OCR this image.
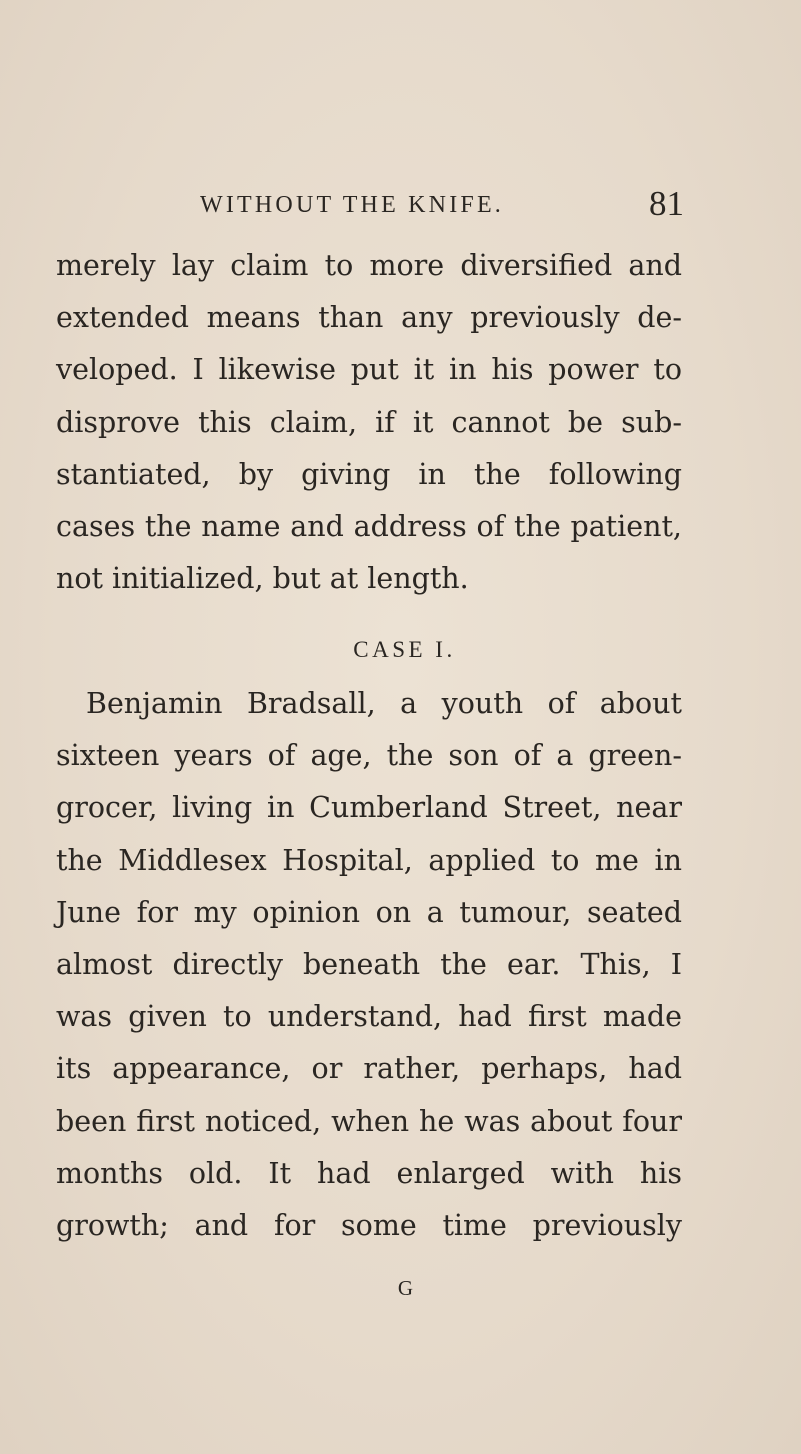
WITHOUT THE KNIFE.	81
merely lay claim to more diversified and
extended means than any previously de-
veloped. I likewise put it in his power to
disprove this claim, if it cannot be sub-
stantiated, by giving in the following
cases the name and address of the patient,
not initialized, but at length.
CASE I.
Benjamin Bradsall, a youth of about
sixteen years of age, the son of a green-
grocer, living in Cumberland Street, near
the Middlesex Hospital, applied to me in
June for my opinion on a tumour, seated
almost directly beneath the ear. This, I
was given to understand, had first made
its appearance, or rather, perhaps, had
been first noticed, when he was about four
months old. It had enlarged with his
growth; and for some time previously
G
